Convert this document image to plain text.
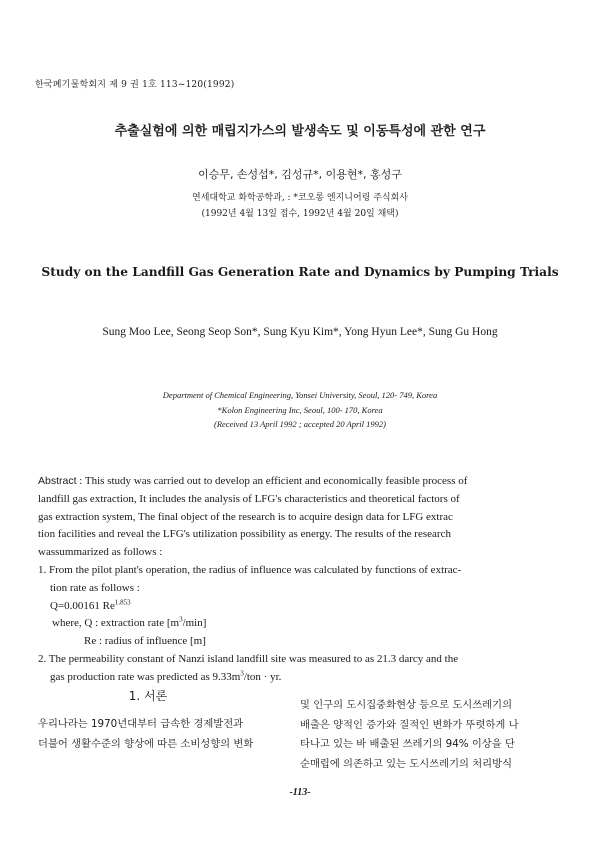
한국폐기물학회지 제 9 권 1호 113~120(1992)
추출실험에 의한 매립지가스의 발생속도 및 이동특성에 관한 연구
이승무, 손성섭*, 김성규*, 이용현*, 홍성구
연세대학교 화학공학과, : *코오롱 엔지니어링 주식회사
(1992년 4월 13일 접수, 1992년 4월 20일 채택)
Study on the Landfill Gas Generation Rate and Dynamics by Pumping Trials
Sung Moo Lee, Seong Seop Son*, Sung Kyu Kim*, Yong Hyun Lee*, Sung Gu Hong
Department of Chemical Engineering, Yonsei University, Seoul, 120- 749, Korea
*Kolon Engineering Inc, Seoul, 100- 170, Korea
(Received 13 April 1992 ; accepted 20 April 1992)
Abstract : This study was carried out to develop an efficient and economically feasible process of
landfill gas extraction, It includes the analysis of LFG's characteristics and theoretical factors of
gas extraction system, The final object of the research is to acquire design data for LFG extrac
tion facilities and reveal the LFG's utilization possibility as energy. The results of the research
wassummarized as follows :
1. From the pilot plant's operation, the radius of influence was calculated by functions of extrac-
tion rate as follows :
Q=0.00161 $Re^{1.853}$
where, Q : extraction rate $[m^3/\min]$
Re : radius of influence [m]
2. The permeability constant of Nanzi island landfill site was measured to as 21.3 darcy and the
gas production rate was predicted as $9.33m^3$/ton · yr.
1. 서론
우리나라는 1970년대부터 급속한 경제발전과
더불어 생활수준의 향상에 따른 소비성향의 변화
및 인구의 도시집중화현상 등으로 도시쓰레기의
배출은 양적인 증가와 질적인 변화가 뚜렷하게 나
타나고 있는 바 배출된 쓰레기의 94% 이상을 단
순매립에 의존하고 있는 도시쓰레기의 처리방식
-113-
